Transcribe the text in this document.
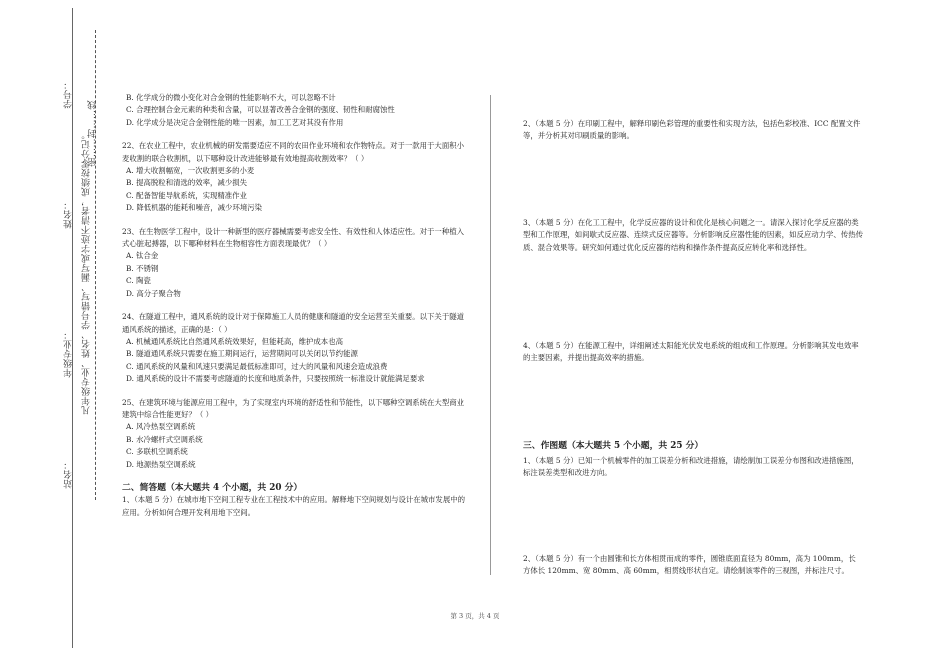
学号：
姓名：
年级专业：
站名：
密……封……线
凡年级专业、姓名、学号错写、漏写或字迹不清者，成绩按零分记。

B. 化学成分的微小变化对合金钢的性能影响不大，可以忽略不计

C. 合理控制合金元素的种类和含量，可以显著改善合金钢的强度、韧性和耐腐蚀性

D. 化学成分是决定合金钢性能的唯一因素，加工工艺对其没有作用

22、在农业工程中，农业机械的研发需要适应不同的农田作业环境和农作物特点。对于一款用于大面积小麦收割的联合收割机，以下哪种设计改进能够最有效地提高收割效率？（ ）

A. 增大收割幅宽，一次收割更多的小麦

B. 提高脱粒和清选的效率，减少损失

C. 配备智能导航系统，实现精准作业

D. 降低机器的能耗和噪音，减少环境污染

23、在生物医学工程中，设计一种新型的医疗器械需要考虑安全性、有效性和人体适应性。对于一种植入式心脏起搏器，以下哪种材料在生物相容性方面表现最优？（ ）

A. 钛合金

B. 不锈钢

C. 陶瓷

D. 高分子聚合物

24、在隧道工程中，通风系统的设计对于保障施工人员的健康和隧道的安全运营至关重要。以下关于隧道通风系统的描述，正确的是：（ ）

A. 机械通风系统比自然通风系统效果好，但能耗高，维护成本也高

B. 隧道通风系统只需要在施工期间运行，运营期间可以关闭以节约能源

C. 通风系统的风量和风速只要满足最低标准即可，过大的风量和风速会造成浪费

D. 通风系统的设计不需要考虑隧道的长度和地质条件，只要按照统一标准设计就能满足要求

25、在建筑环境与能源应用工程中，为了实现室内环境的舒适性和节能性，以下哪种空调系统在大型商业建筑中综合性能更好？（ ）

A. 风冷热泵空调系统

B. 水冷螺杆式空调系统

C. 多联机空调系统

D. 地源热泵空调系统

二、简答题（本大题共 4 个小题，共 20 分）

1、（本题 5 分）在城市地下空间工程专业在工程技术中的应用。解释地下空间规划与设计在城市发展中的应用。分析如何合理开发利用地下空间。

2、（本题 5 分）在印刷工程中，解释印刷色彩管理的重要性和实现方法，包括色彩校准、ICC 配置文件等，并分析其对印刷质量的影响。

3、（本题 5 分）在化工工程中，化学反应器的设计和优化是核心问题之一。请深入探讨化学反应器的类型和工作原理，如间歇式反应器、连续式反应器等。分析影响反应器性能的因素，如反应动力学、传热传质、混合效果等。研究如何通过优化反应器的结构和操作条件提高反应转化率和选择性。

4、（本题 5 分）在能源工程中，详细阐述太阳能光伏发电系统的组成和工作原理。分析影响其发电效率的主要因素，并提出提高效率的措施。

三、作图题（本大题共 5 个小题，共 25 分）

1、（本题 5 分）已知一个机械零件的加工误差分析和改进措施，请绘制加工误差分布图和改进措施图，标注误差类型和改进方向。

2、（本题 5 分）有一个由圆锥和长方体相贯而成的零件，圆锥底面直径为 80mm，高为 100mm，长方体长 120mm、宽 80mm、高 60mm，相贯线形状自定。请绘制该零件的三视图，并标注尺寸。

第 3 页，共 4 页
